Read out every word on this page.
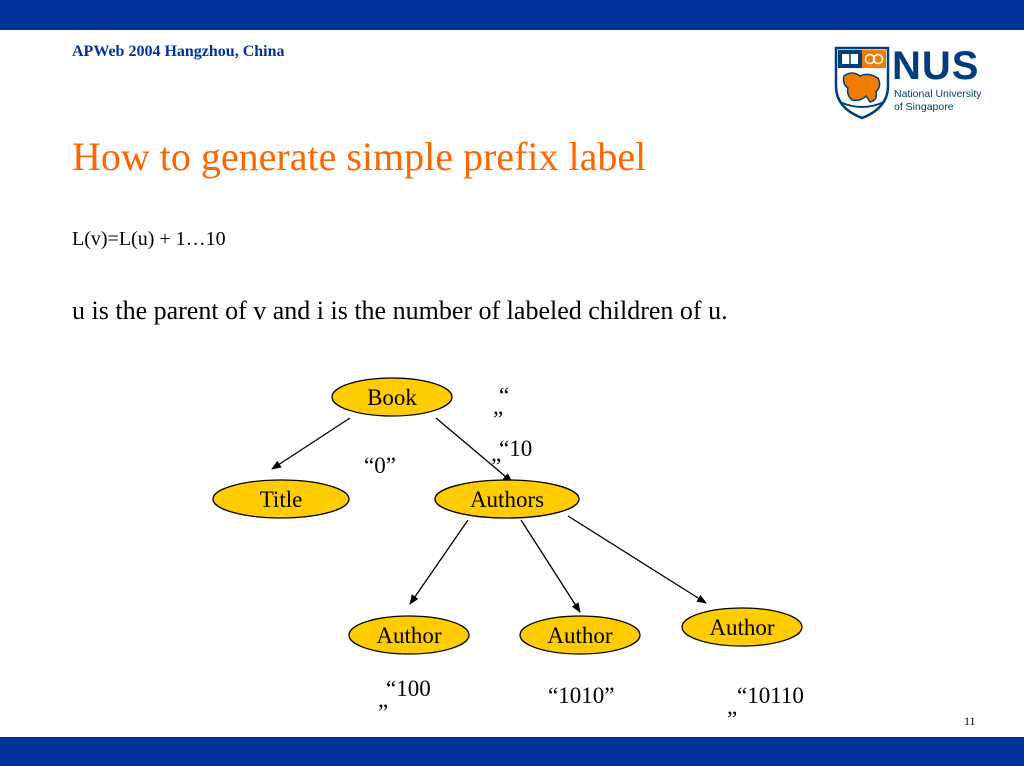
APWeb 2004 Hangzhou, China	NUS
National University
of Singapore
How to generate simple prefix label
L(v)=L(u) + 1…10
u is the parent of v and i is the number of labeled children of u.
Book
Title	Authors
Author	Author	Author
“
”
“0”
“10
”
“100
”
“1010”	“10110
”	11
